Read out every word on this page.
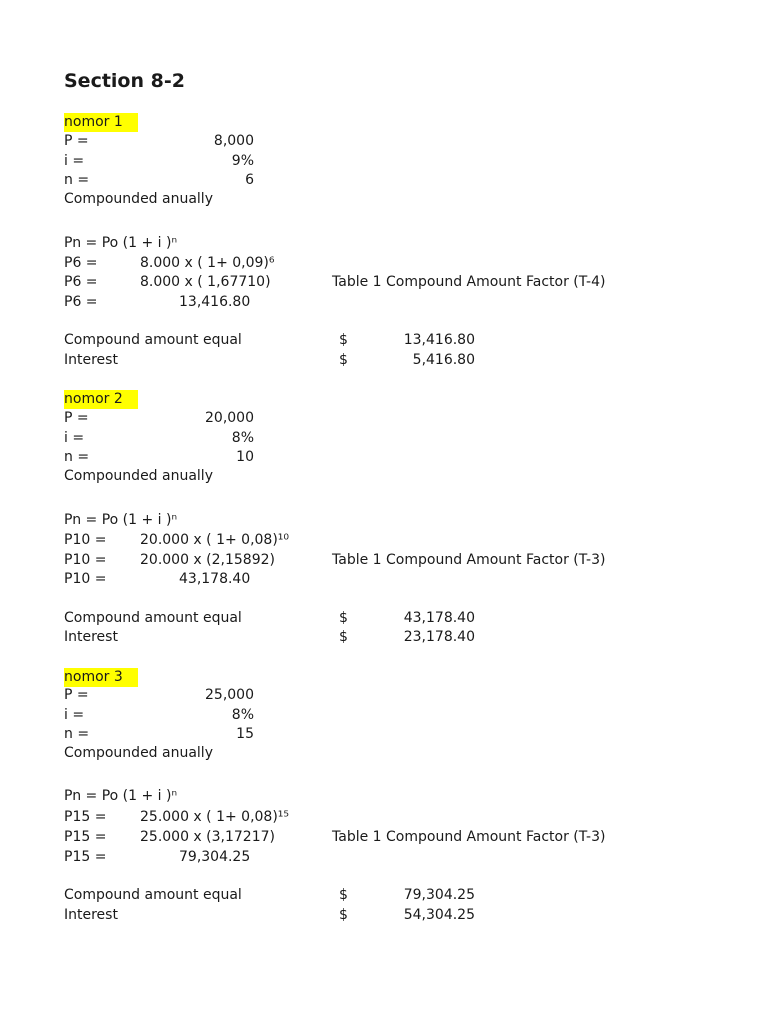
Section 8-2
nomor 1
P =	8,000
i =	9%
n =	6
Compounded anually
Pn = Po (1 + i )ⁿ
P6 =	8.000 x ( 1+ 0,09)⁶
P6 =	8.000 x ( 1,67710)	Table 1 Compound Amount Factor (T-4)
P6 =	13,416.80
Compound amount equal	$	13,416.80
Interest	$	5,416.80
nomor 2
P =	20,000
i =	8%
n =	10
Compounded anually
Pn = Po (1 + i )ⁿ
P10 = 20.000 x ( 1+ 0,08)¹⁰
P10 = 20.000 x (2,15892)	Table 1 Compound Amount Factor (T-3)
P10 =	43,178.40
Compound amount equal	$	43,178.40
Interest	$	23,178.40
nomor 3
P =	25,000
i =	8%
n =	15
Compounded anually
Pn = Po (1 + i )ⁿ
P15 = 25.000 x ( 1+ 0,08)¹⁵
P15 = 25.000 x (3,17217)	Table 1 Compound Amount Factor (T-3)
P15 =	79,304.25
Compound amount equal	$	79,304.25
Interest	$	54,304.25
